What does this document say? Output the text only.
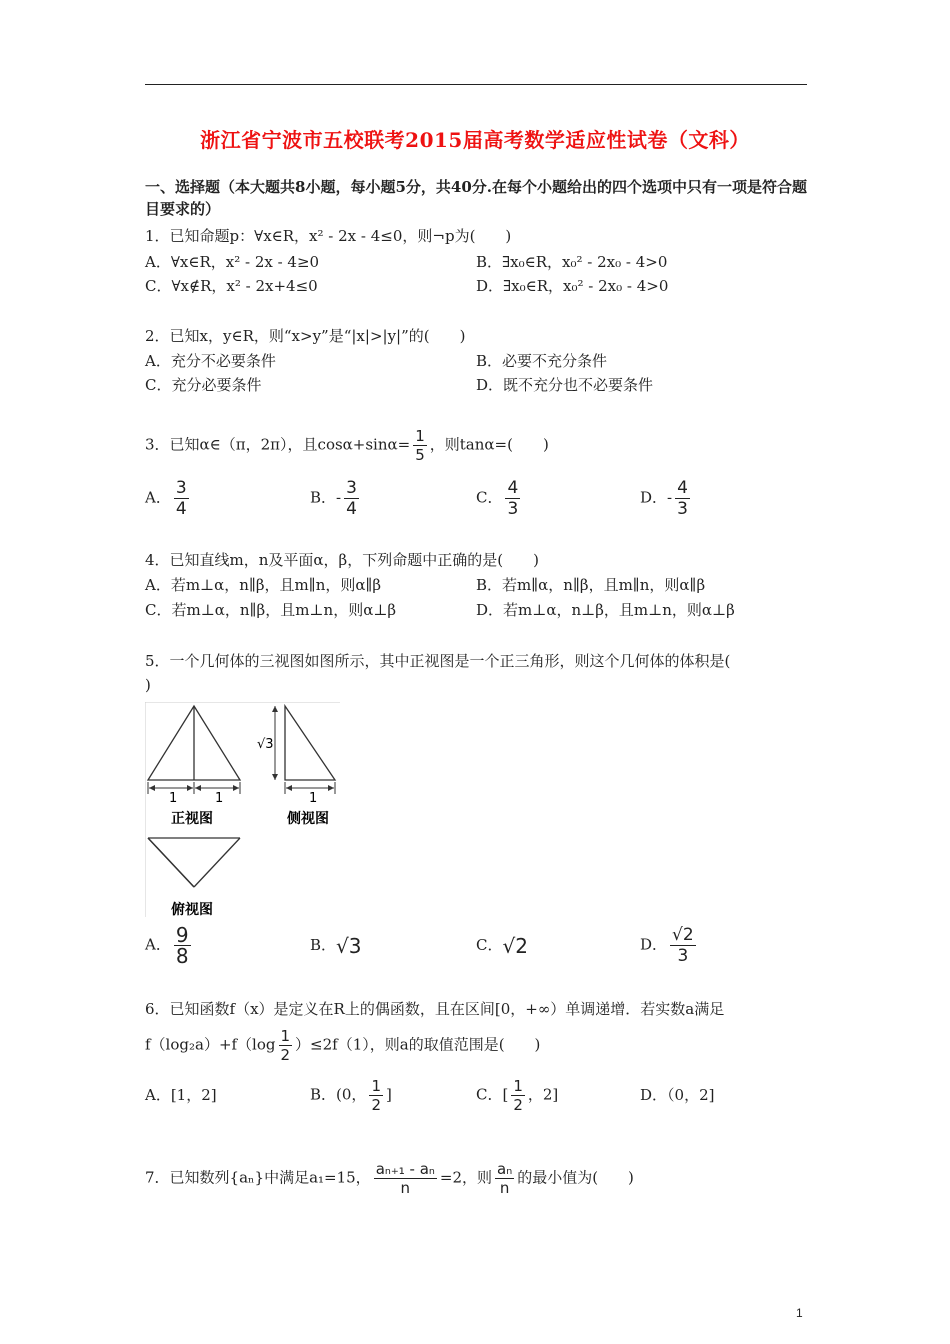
浙江省宁波市五校联考2015届高考数学适应性试卷（文科）
一、选择题（本大题共8小题，每小题5分，共40分.在每个小题给出的四个选项中只有一项是符合题目要求的）
1．已知命题p：∀x∈R，x² - 2x - 4≤0，则¬p为(　　)
A．∀x∈R，x² - 2x - 4≥0	B．∃x₀∈R，x₀² - 2x₀ - 4>0
C．∀x∉R，x² - 2x+4≤0	D．∃x₀∈R，x₀² - 2x₀ - 4>0
2．已知x，y∈R，则“x>y”是“|x|>|y|”的(　　)
A．充分不必要条件	B．必要不充分条件
C．充分必要条件	D．既不充分也不必要条件
3．已知α∈（π，2π），且$\cos\alpha+\sin\alpha= \frac{1}{5}$ ，则tanα=(　　)
A． $\frac{3}{4}$	B．- $\frac{3}{4}$	C． $\frac{4}{3}$	D．- $\frac{4}{3}$
4．已知直线m，n及平面α，β，下列命题中正确的是(　　)
A．若m⊥α，n∥β，且m∥n，则α∥β	B．若m∥α，n∥β，且m∥n，则α∥β
C．若m⊥α，n∥β，且m⊥n，则α⊥β	D．若m⊥α，n⊥β，且m⊥n，则α⊥β
5．一个几何体的三视图如图所示，其中正视图是一个正三角形，则这个几何体的体积是(
)
1	1
正视图
√3
1
侧视图
俯视图
A． $\frac{9}{8}$	B．√3	C．√2	D． $\frac{√2}{3}$
6．已知函数f（x）是定义在R上的偶函数，且在区间[0，+∞）单调递增．若实数a满足
$f(\log_2a)+f(\log \frac{1}{2} )\le 2f(1)$，则a的取值范围是(　　)
A．[1，2]	B．(0， $\frac{1}{2}$ ]	C．[ $\frac{1}{2}$ ，2]	D．（0，2]
7．已知数列{aₙ}中满足a₁=15， $\frac{\text{aₙ₊₁ - aₙ}}{n} =2$，则 $\frac{\text{aₙ}}{n}$ 的最小值为(　　)
1
